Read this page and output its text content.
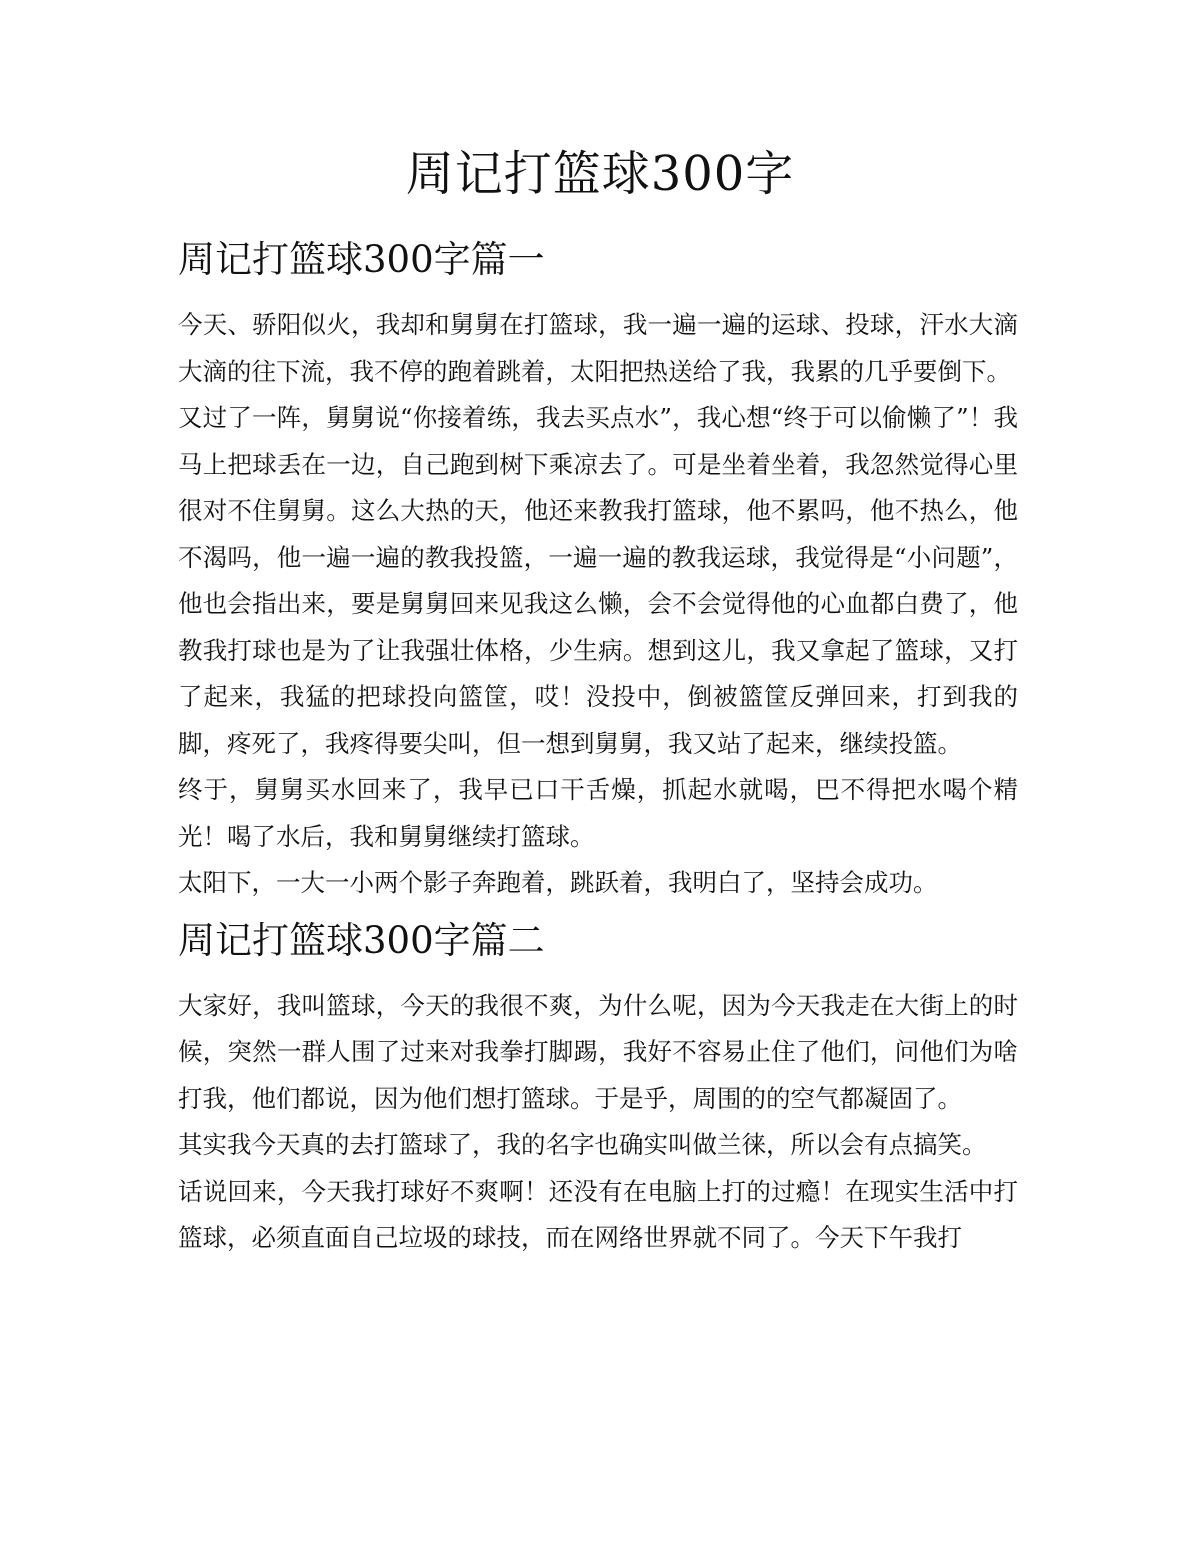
周记打篮球300字
周记打篮球300字篇一

今天、骄阳似火，我却和舅舅在打篮球，我一遍一遍的运球、投球，汗水大滴大滴的往下流，我不停的跑着跳着，太阳把热送给了我，我累的几乎要倒下。

又过了一阵，舅舅说“你接着练，我去买点水”，我心想“终于可以偷懒了”！我马上把球丢在一边，自己跑到树下乘凉去了。可是坐着坐着，我忽然觉得心里很对不住舅舅。这么大热的天，他还来教我打篮球，他不累吗，他不热么，他不渴吗，他一遍一遍的教我投篮，一遍一遍的教我运球，我觉得是“小问题”，他也会指出来，要是舅舅回来见我这么懒，会不会觉得他的心血都白费了，他教我打球也是为了让我强壮体格，少生病。想到这儿，我又拿起了篮球，又打了起来，我猛的把球投向篮筐，哎！没投中，倒被篮筐反弹回来，打到我的脚，疼死了，我疼得要尖叫，但一想到舅舅，我又站了起来，继续投篮。

终于，舅舅买水回来了，我早已口干舌燥，抓起水就喝，巴不得把水喝个精光！喝了水后，我和舅舅继续打篮球。

太阳下，一大一小两个影子奔跑着，跳跃着，我明白了，坚持会成功。

周记打篮球300字篇二

大家好，我叫篮球，今天的我很不爽，为什么呢，因为今天我走在大街上的时候，突然一群人围了过来对我拳打脚踢，我好不容易止住了他们，问他们为啥打我，他们都说，因为他们想打篮球。于是乎，周围的的空气都凝固了。

其实我今天真的去打篮球了，我的名字也确实叫做兰徕，所以会有点搞笑。

话说回来，今天我打球好不爽啊！还没有在电脑上打的过瘾！在现实生活中打篮球，必须直面自己垃圾的球技，而在网络世界就不同了。今天下午我打
